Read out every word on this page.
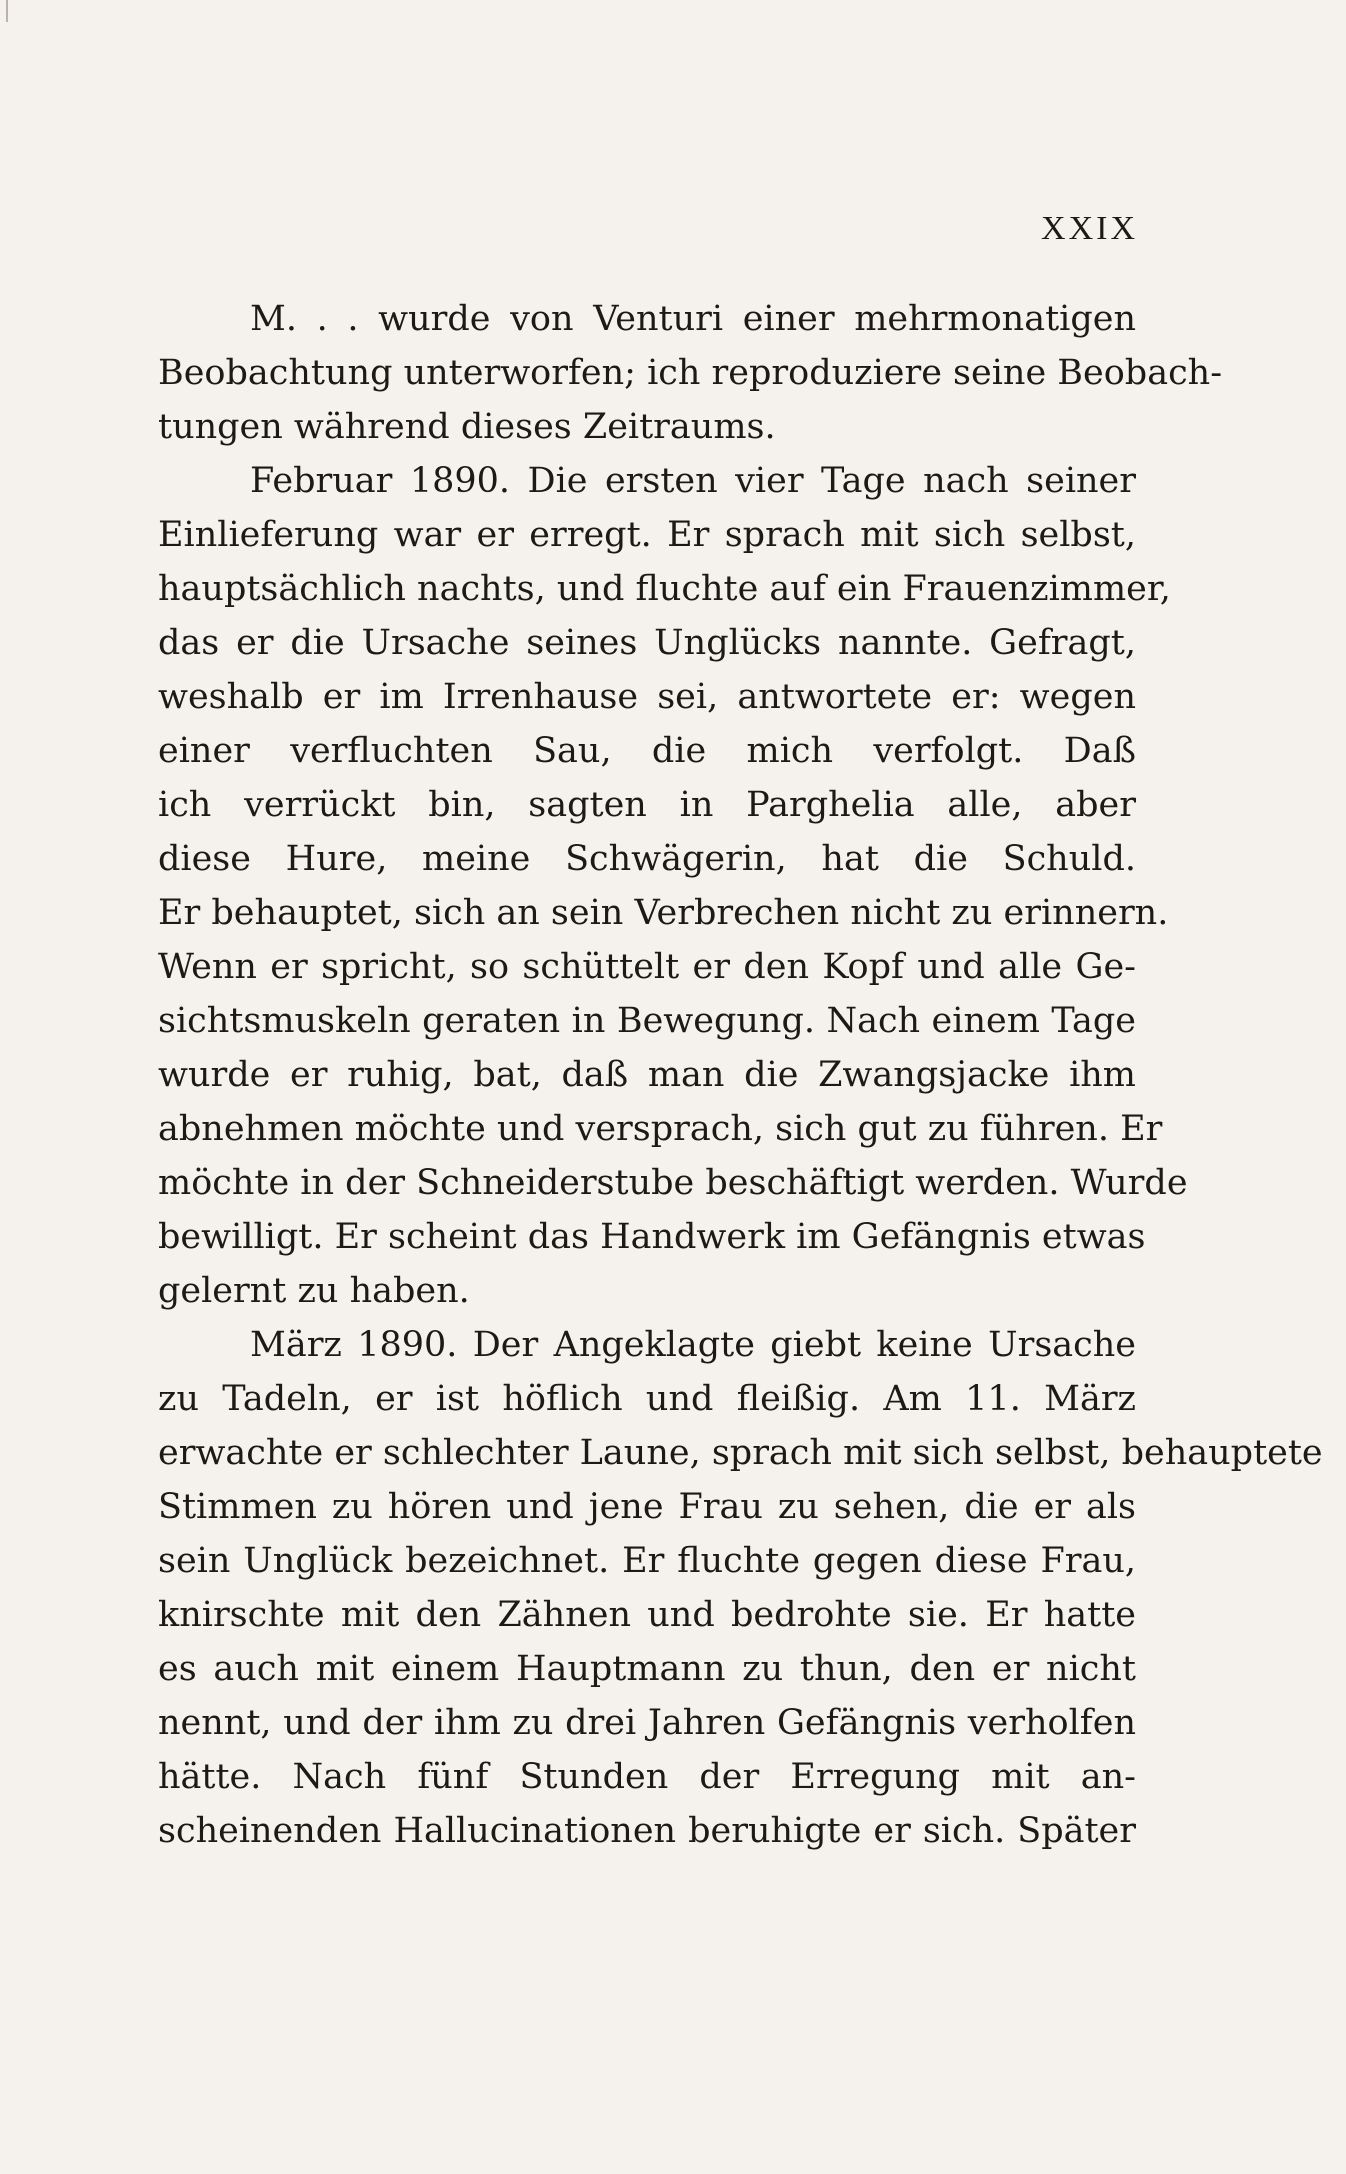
XXIX
M. . . wurde von Venturi einer mehrmonatigen
Beobachtung unterworfen; ich reproduziere seine Beobach-
tungen während dieses Zeitraums.
Februar 1890. Die ersten vier Tage nach seiner
Einlieferung war er erregt. Er sprach mit sich selbst,
hauptsächlich nachts, und fluchte auf ein Frauenzimmer,
das er die Ursache seines Unglücks nannte. Gefragt,
weshalb er im Irrenhause sei, antwortete er: wegen
einer verfluchten Sau, die mich verfolgt. Daß
ich verrückt bin, sagten in Parghelia alle, aber
diese Hure, meine Schwägerin, hat die Schuld.
Er behauptet, sich an sein Verbrechen nicht zu erinnern.
Wenn er spricht, so schüttelt er den Kopf und alle Ge-
sichtsmuskeln geraten in Bewegung. Nach einem Tage
wurde er ruhig, bat, daß man die Zwangsjacke ihm
abnehmen möchte und versprach, sich gut zu führen. Er
möchte in der Schneiderstube beschäftigt werden. Wurde
bewilligt. Er scheint das Handwerk im Gefängnis etwas
gelernt zu haben.
März 1890. Der Angeklagte giebt keine Ursache
zu Tadeln, er ist höflich und fleißig. Am 11. März
erwachte er schlechter Laune, sprach mit sich selbst, behauptete
Stimmen zu hören und jene Frau zu sehen, die er als
sein Unglück bezeichnet. Er fluchte gegen diese Frau,
knirschte mit den Zähnen und bedrohte sie. Er hatte
es auch mit einem Hauptmann zu thun, den er nicht
nennt, und der ihm zu drei Jahren Gefängnis verholfen
hätte. Nach fünf Stunden der Erregung mit an-
scheinenden Hallucinationen beruhigte er sich. Später
